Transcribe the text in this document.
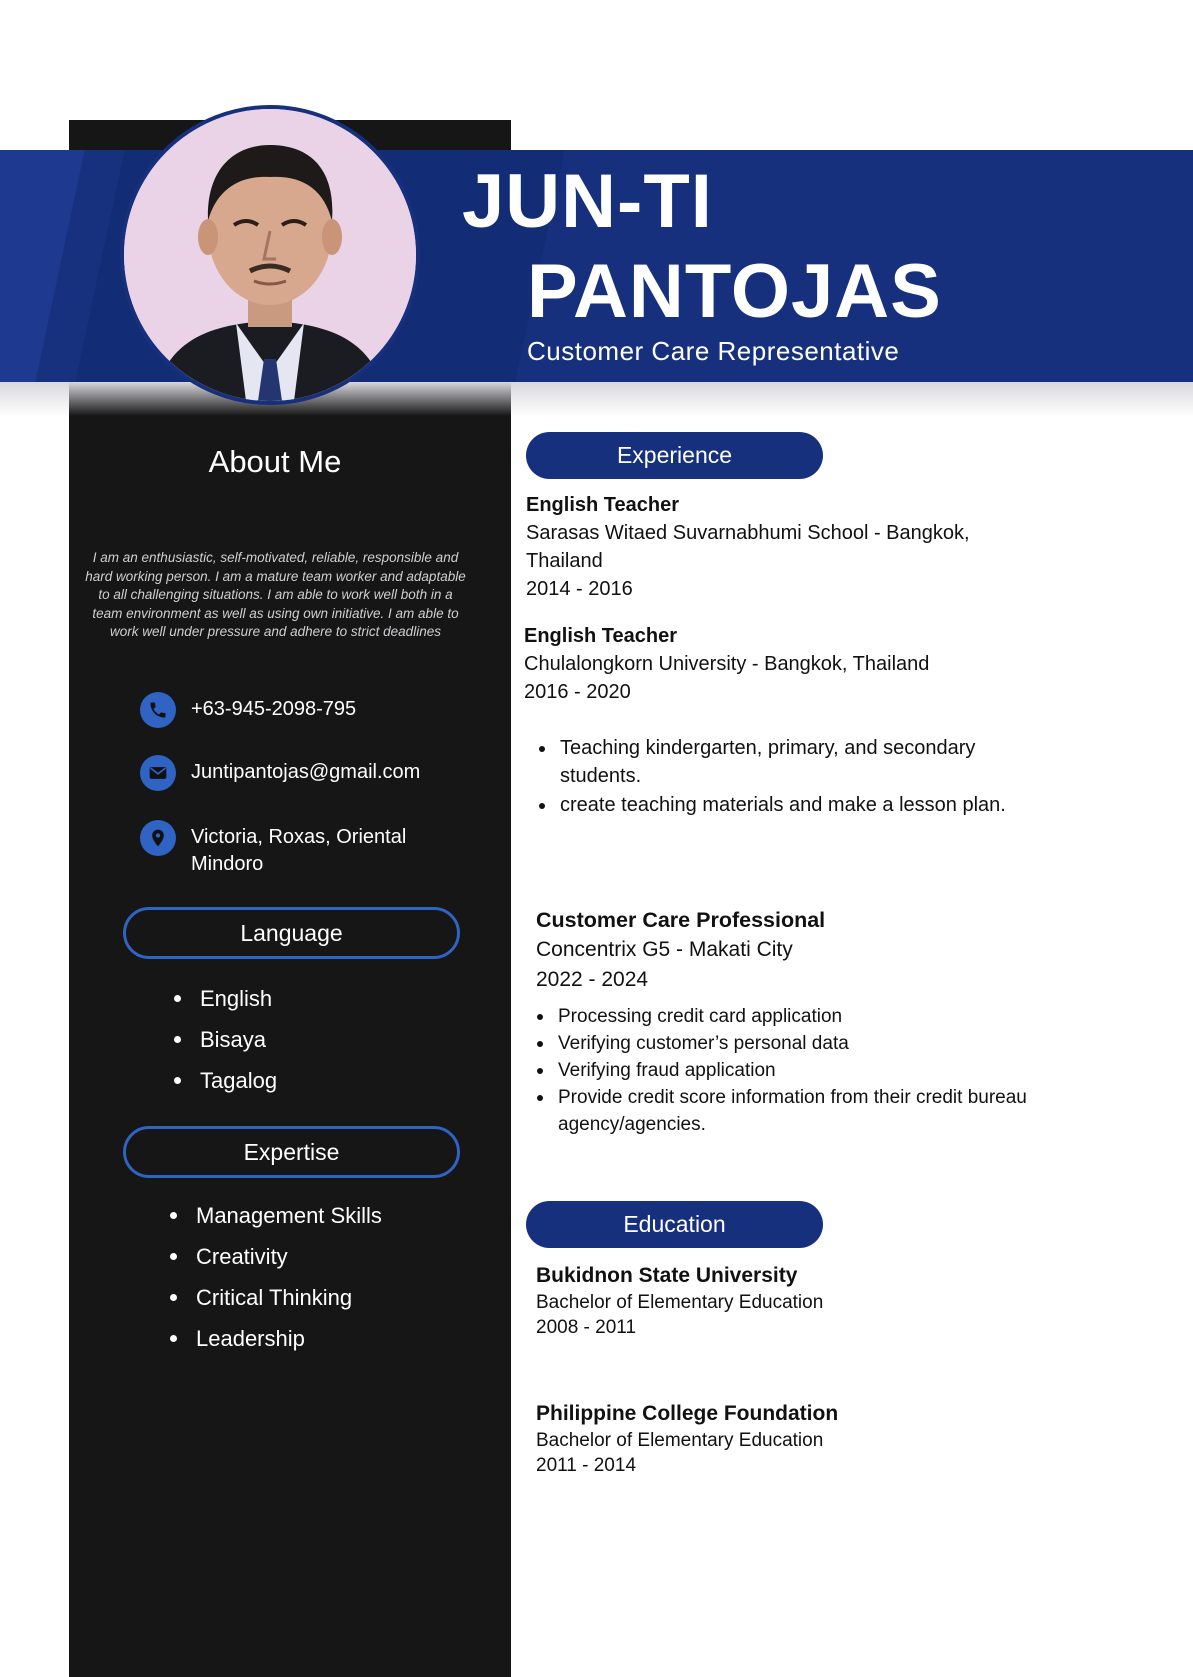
JUN-TI
PANTOJAS
Customer Care Representative
About Me
I am an enthusiastic, self-motivated, reliable, responsible and hard working person. I am a mature team worker and adaptable to all challenging situations. I am able to work well both in a team environment as well as using own initiative. I am able to work well under pressure and adhere to strict deadlines
+63-945-2098-795
Juntipantojas@gmail.com
Victoria, Roxas, Oriental
Mindoro
Language
English
Bisaya
Tagalog
Expertise
Management Skills
Creativity
Critical Thinking
Leadership
Experience
English Teacher
Sarasas Witaed Suvarnabhumi School - Bangkok,
Thailand
2014 - 2016
English Teacher
Chulalongkorn University - Bangkok, Thailand
2016 - 2020
Teaching kindergarten, primary, and secondary students.
create teaching materials and make a lesson plan.
Customer Care Professional
Concentrix G5 - Makati City
2022 - 2024
Processing credit card application
Verifying customer’s personal data
Verifying fraud application
Provide credit score information from their credit bureau agency/agencies.
Education
Bukidnon State University
Bachelor of Elementary Education
2008 - 2011
Philippine College Foundation
Bachelor of Elementary Education
2011 - 2014
